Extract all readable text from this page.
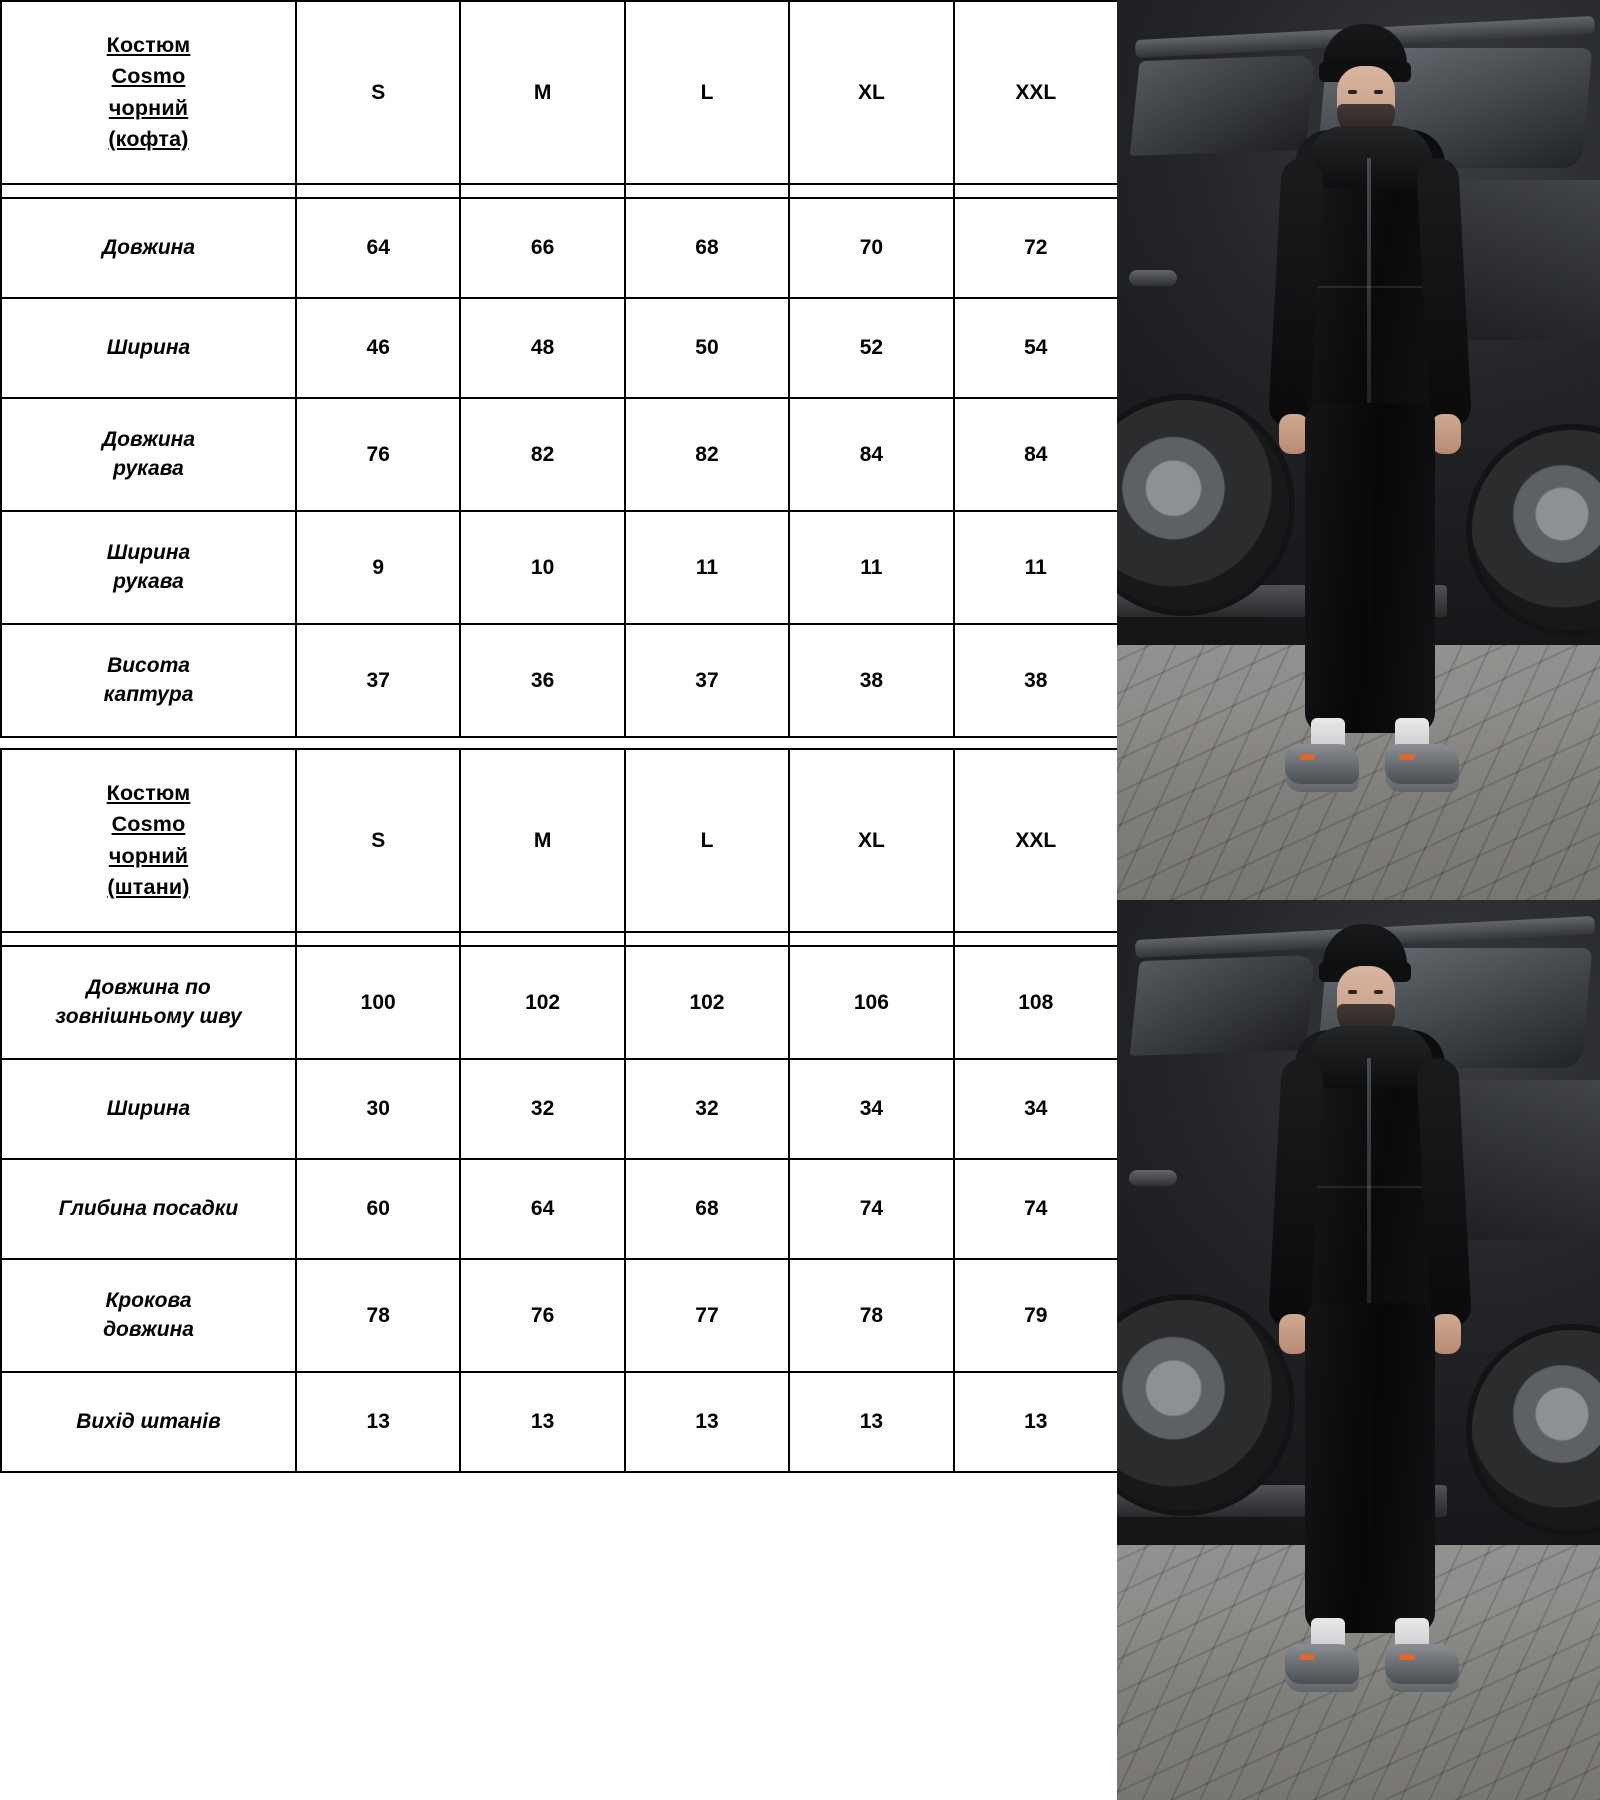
Костюм
Cosmo
чорний
(кофта)	S	M	L	XL	XXL

Довжина	64	66	68	70	72

Ширина	46	48	50	52	54

Довжина
рукава	76	82	82	84	84

Ширина
рукава	9	10	11	11	11

Висота
каптура	37	36	37	38	38
Костюм
Cosmo
чорний
(штани)	S	M	L	XL	XXL

Довжина по
зовнішньому шву	100	102	102	106	108

Ширина	30	32	32	34	34

Глибина посадки	60	64	68	74	74

Крокова
довжина	78	76	77	78	79

Вихід штанів	13	13	13	13	13
